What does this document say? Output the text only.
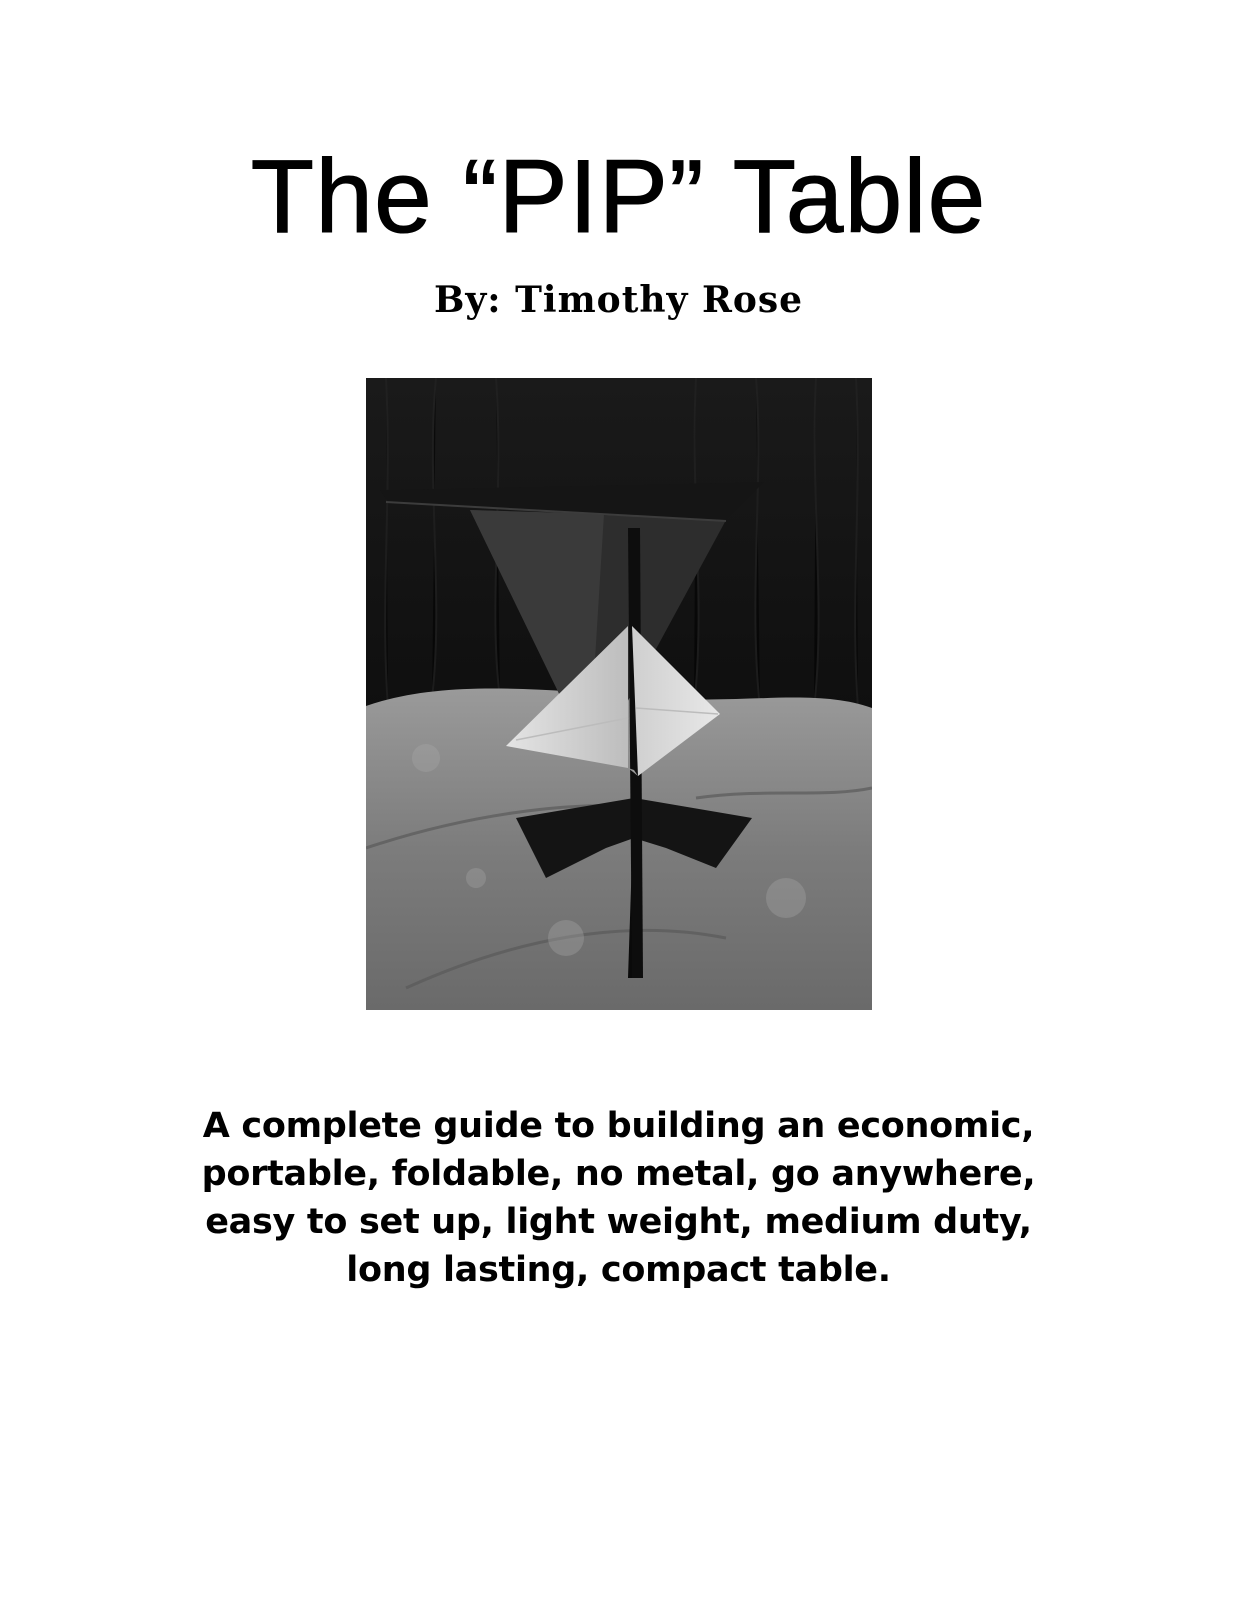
The “PIP” Table
By: Timothy Rose
A complete guide to building an economic,
portable, foldable, no metal, go anywhere,
easy to set up, light weight, medium duty,
long lasting, compact table.
